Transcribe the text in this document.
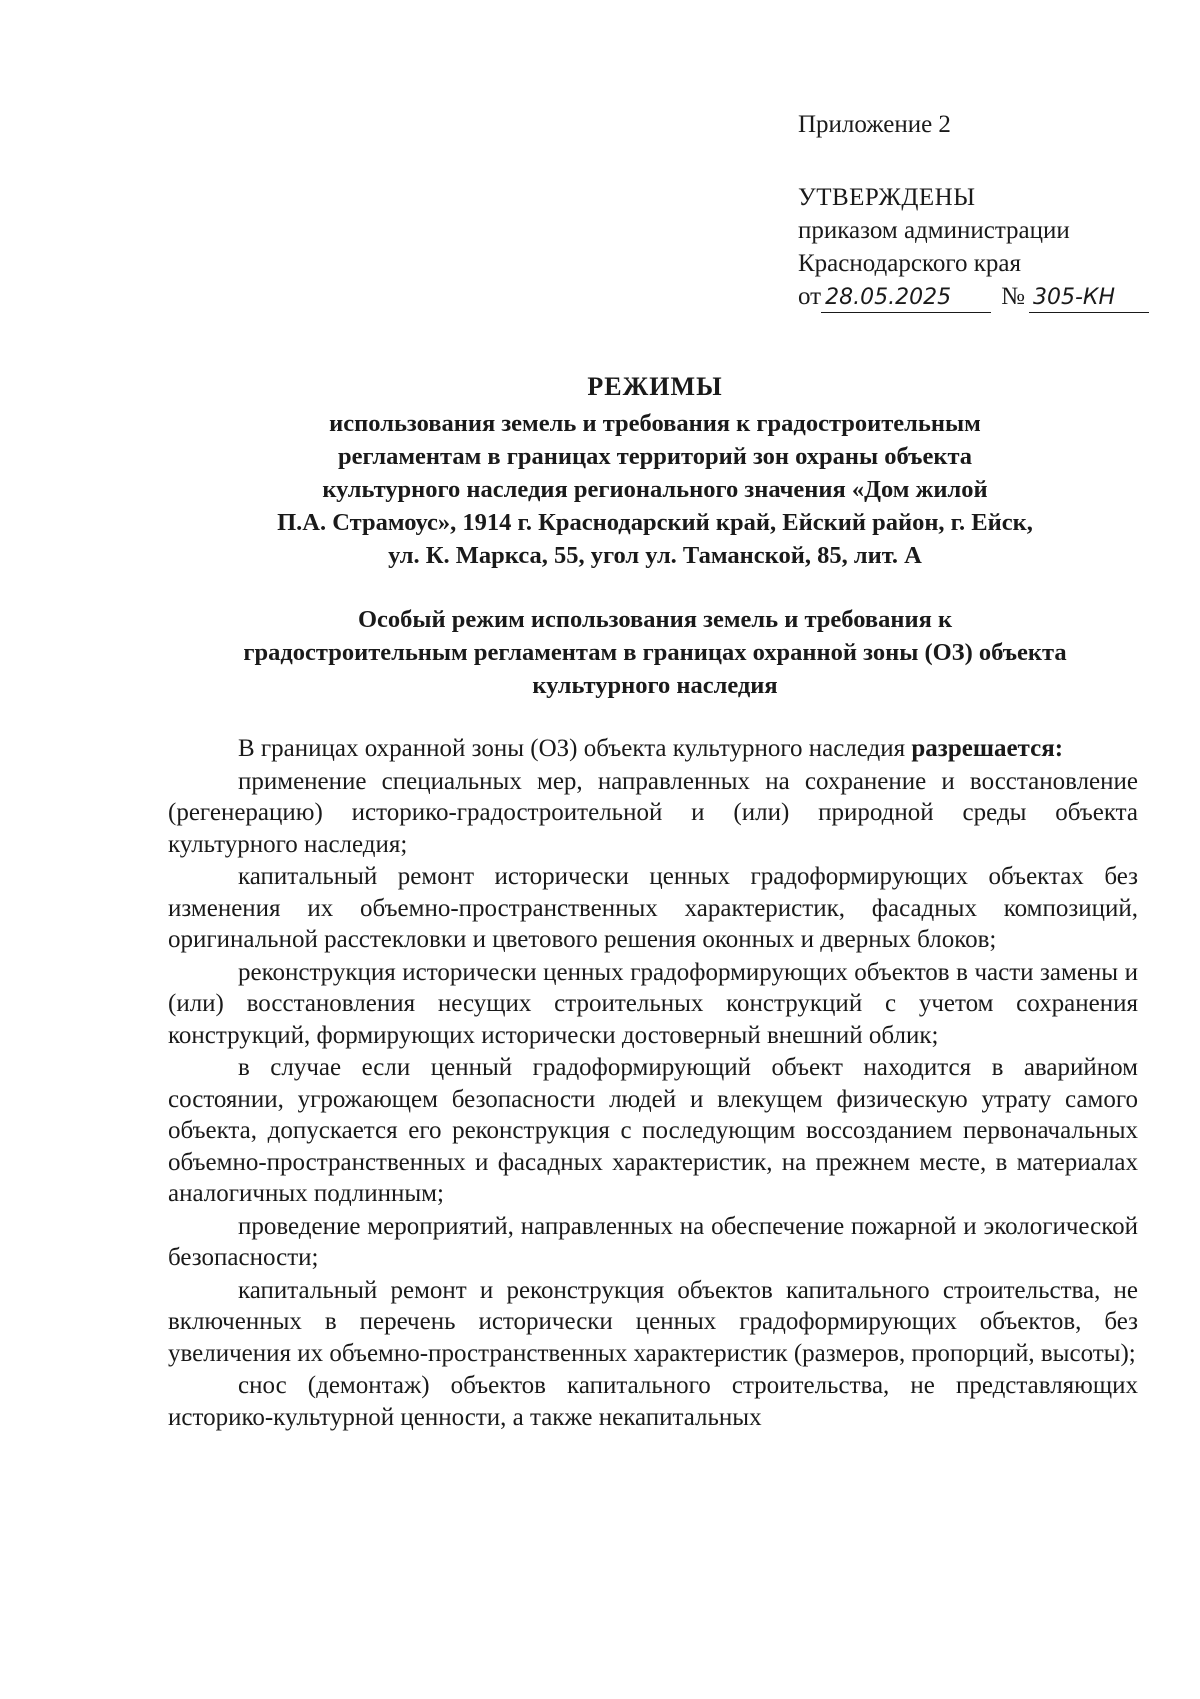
Приложение 2
УТВЕРЖДЕНЫ
приказом администрации
Краснодарского края
от 28.05.2025 № 305-КН
РЕЖИМЫ
использования земель и требования к градостроительным
регламентам в границах территорий зон охраны объекта
культурного наследия регионального значения «Дом жилой
П.А. Страмоус», 1914 г. Краснодарский край, Ейский район, г. Ейск,
ул. К. Маркса, 55, угол ул. Таманской, 85, лит. А
Особый режим использования земель и требования к
градостроительным регламентам в границах охранной зоны (ОЗ) объекта
культурного наследия

В границах охранной зоны (ОЗ) объекта культурного наследия разрешается:

применение специальных мер, направленных на сохранение и восстановление (регенерацию) историко-градостроительной и (или) природной среды объекта культурного наследия;

капитальный ремонт исторически ценных градоформирующих объектах без изменения их объемно-пространственных характеристик, фасадных композиций, оригинальной расстекловки и цветового решения оконных и дверных блоков;

реконструкция исторически ценных градоформирующих объектов в части замены и (или) восстановления несущих строительных конструкций с учетом сохранения конструкций, формирующих исторически достоверный внешний облик;

в случае если ценный градоформирующий объект находится в аварийном состоянии, угрожающем безопасности людей и влекущем физическую утрату самого объекта, допускается его реконструкция с последующим воссозданием первоначальных объемно-пространственных и фасадных характеристик, на прежнем месте, в материалах аналогичных подлинным;

проведение мероприятий, направленных на обеспечение пожарной и экологической безопасности;

капитальный ремонт и реконструкция объектов капитального строительства, не включенных в перечень исторически ценных градоформирующих объектов, без увеличения их объемно-пространственных характеристик (размеров, пропорций, высоты);

снос (демонтаж) объектов капитального строительства, не представляющих историко-культурной ценности, а также некапитальных
